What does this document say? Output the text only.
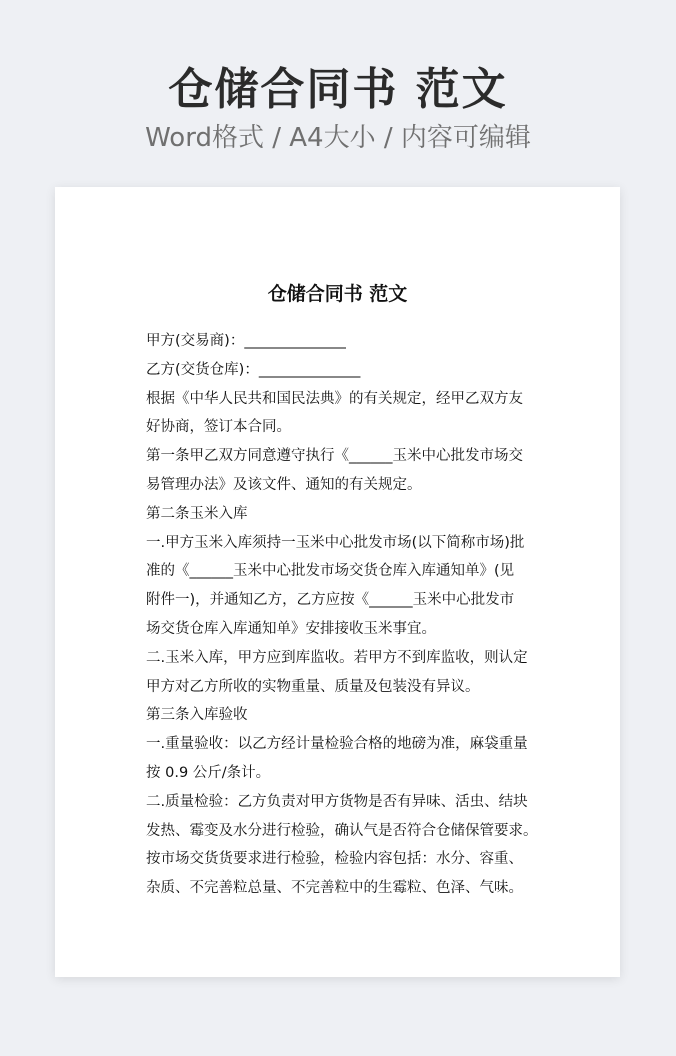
仓储合同书 范文
Word格式 / A4大小 / 内容可编辑
仓储合同书 范文
甲方(交易商)：______________
乙方(交货仓库)：______________
根据《中华人民共和国民法典》的有关规定，经甲乙双方友
好协商，签订本合同。
第一条甲乙双方同意遵守执行《______玉米中心批发市场交
易管理办法》及该文件、通知的有关规定。
第二条玉米入库
一.甲方玉米入库须持一玉米中心批发市场(以下简称市场)批
准的《______玉米中心批发市场交货仓库入库通知单》(见
附件一)，并通知乙方，乙方应按《______玉米中心批发市
场交货仓库入库通知单》安排接收玉米事宜。
二.玉米入库，甲方应到库监收。若甲方不到库监收，则认定
甲方对乙方所收的实物重量、质量及包装没有异议。
第三条入库验收
一.重量验收：以乙方经计量检验合格的地磅为准，麻袋重量
按 0.9 公斤/条计。
二.质量检验：乙方负责对甲方货物是否有异味、活虫、结块
发热、霉变及水分进行检验，确认气是否符合仓储保管要求。
按市场交货货要求进行检验，检验内容包括：水分、容重、
杂质、不完善粒总量、不完善粒中的生霉粒、色泽、气味。
